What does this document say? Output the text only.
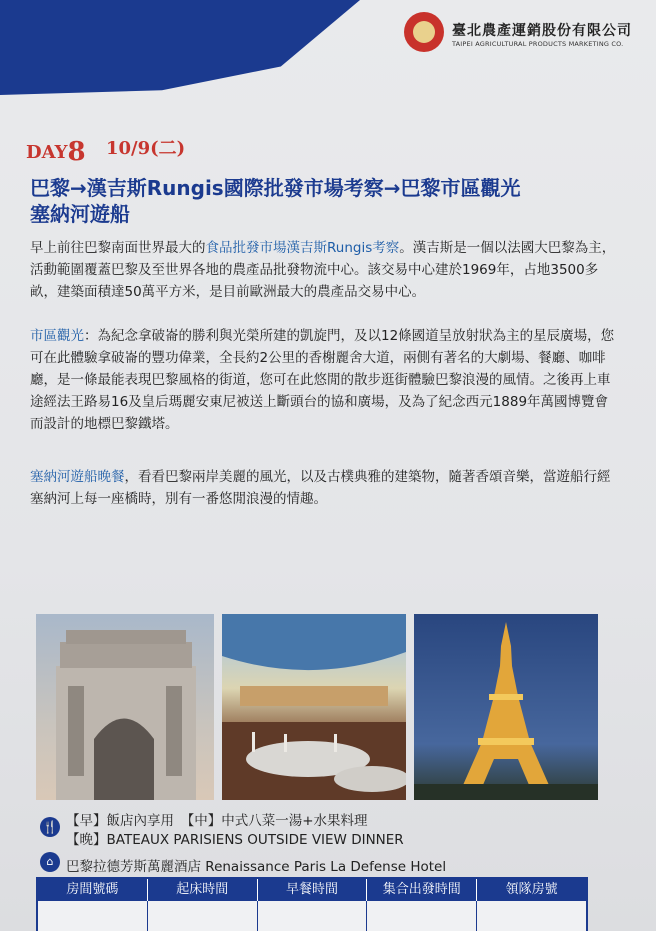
臺北農產運銷股份有限公司
TAIPEI AGRICULTURAL PRODUCTS MARKETING CO.
DAY8 10/9(二)
巴黎→漢吉斯Rungis國際批發市場考察→巴黎市區觀光
塞納河遊船

早上前往巴黎南面世界最大的食品批發市場漢吉斯Rungis考察。漢吉斯是一個以法國大巴黎為主，活動範圍覆蓋巴黎及至世界各地的農產品批發物流中心。該交易中心建於1969年，占地3500多畝，建築面積達50萬平方米，是目前歐洲最大的農產品交易中心。

市區觀光：為紀念拿破崙的勝利與光榮所建的凱旋門，及以12條國道呈放射狀為主的星辰廣場，您可在此體驗拿破崙的豐功偉業，全長約2公里的香榭麗舍大道，兩側有著名的大劇場、餐廳、咖啡廳，是一條最能表現巴黎風格的街道，您可在此悠閒的散步逛街體驗巴黎浪漫的風情。之後再上車途經法王路易16及皇后瑪麗安東尼被送上斷頭台的協和廣場，及為了紀念西元1889年萬國博覽會而設計的地標巴黎鐵塔。

塞納河遊船晚餐，看看巴黎兩岸美麗的風光，以及古樸典雅的建築物，隨著香頌音樂，當遊船行經塞納河上每一座橋時，別有一番悠閒浪漫的情趣。

🍴 【早】飯店內享用　【中】中式八菜一湯+水果料理
【晚】BATEAUX PARISIENS OUTSIDE VIEW DINNER
⌂ 巴黎拉德芳斯萬麗酒店 Renaissance Paris La Defense Hotel
房間號碼	起床時間	早餐時間	集合出發時間	領隊房號
